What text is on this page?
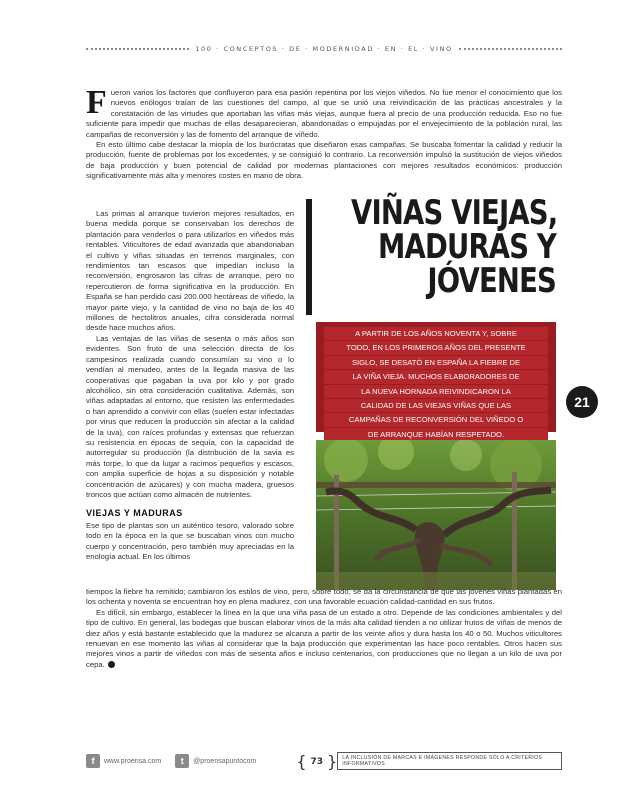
100 · CONCEPTOS · DE · MODERNIDAD · EN · EL · VINO

Fueron varios los factores que confluyeron para esa pasión repentina por los viejos viñedos. No fue menor el conocimiento que los nuevos enólogos traían de las cuestiones del campo, al que se unió una reivindicación de las prácticas ancestrales y la constatación de las virtudes que aportaban las viñas más viejas, aunque fuera al precio de una producción reducida. Eso no fue suficiente para impedir que muchas de ellas desaparecieran, abandonadas o empujadas por el envejecimiento de la población rural, las campañas de reconversión y las de fomento del arranque de viñedo.

En esto último cabe destacar la miopía de los burócratas que diseñaron esas campañas. Se buscaba fomentar la calidad y reducir la producción, fuente de problemas por los excedentes, y se consiguió lo contrario. La reconversión impulsó la sustitución de viejos viñedos de baja producción y buen potencial de calidad por modernas plantaciones con mejores resultados económicos: producción significativamente más alta y menores costes en mano de obra.

Las primas al arranque tuvieron mejores resultados, en buena medida porque se conservaban los derechos de plantación para venderlos o para utilizarlos en viñedos más rentables. Viticultores de edad avanzada que abandonaban el cultivo y viñas situadas en terrenos marginales, con rendimientos tan escasos que impedían incluso la reconversión, engrosaron las cifras de arranque, pero no repercutieron de forma significativa en la producción. En España se han perdido casi 200.000 hectáreas de viñedo, la mayor parte viejo, y la cantidad de vino no baja de los 40 millones de hectolitros anuales, cifra considerada normal desde hace muchos años.

Las ventajas de las viñas de sesenta o más años son evidentes. Son fruto de una selección directa de los campesinos realizada cuando consumían su vino o lo vendían al menudeo, antes de la llegada masiva de las cooperativas que pagaban la uva por kilo y por grado alcohólico, sin otra consideración cualitativa. Además, son viñas adaptadas al entorno, que resisten las enfermedades o han aprendido a convivir con ellas (suelen estar infectadas por virus que reducen la producción sin afectar a la calidad de la uva), con raíces profundas y extensas que refuerzan su resistencia en épocas de sequía, con la capacidad de autorregular su producción (la distribución de la savia es más torpe, lo que da lugar a racimos pequeños y escasos, con amplia superficie de hojas a su disposición y notable concentración de azúcares) y con mucha madera, gruesos troncos que actúan como almacén de nutrientes.

VIEJAS Y MADURAS

Ese tipo de plantas son un auténtico tesoro, valorado sobre todo en la época en la que se buscaban vinos con mucho cuerpo y concentración, pero también muy apreciadas en la enología actual. En los últimos

VIÑAS VIEJAS,
MADURAS Y
JÓVENES
A PARTIR DE LOS AÑOS NOVENTA Y, SOBRE
TODO, EN LOS PRIMEROS AÑOS DEL PRESENTE
SIGLO, SE DESATÓ EN ESPAÑA LA FIEBRE DE
LA VIÑA VIEJA. MUCHOS ELABORADORES DE
LA NUEVA HORNADA REIVINDICARON LA
CALIDAD DE LAS VIEJAS VIÑAS QUE LAS
CAMPAÑAS DE RECONVERSIÓN DEL VIÑEDO O
DE ARRANQUE HABÍAN RESPETADO.
21

tiempos la fiebre ha remitido; cambiaron los estilos de vino, pero, sobre todo, se da la circunstancia de que las jóvenes viñas plantadas en los ochenta y noventa se encuentran hoy en plena madurez, con una favorable ecuación calidad-cantidad en sus frutos.

Es difícil, sin embargo, establecer la línea en la que una viña pasa de un estado a otro. Depende de las condiciones ambientales y del tipo de cultivo. En general, las bodegas que buscan elaborar vinos de la más alta calidad tienden a no utilizar frutos de viñas de menos de diez años y está bastante establecido que la madurez se alcanza a partir de los veinte años y dura hasta los 40 o 50. Muchos viticultores renuevan en ese momento las viñas al considerar que la baja producción que experimentan las hace poco rentables. Otros hacen sus mejores vinos a partir de viñedos con más de sesenta años e incluso centenarios, con producciones que no llegan a un kilo de uva por cepa.

f	www.proensa.com	t	@proensapuntocom	{ 73 } LA INCLUSIÓN DE MARCAS E IMÁGENES RESPONDE SÓLO A CRITERIOS INFORMATIVOS
